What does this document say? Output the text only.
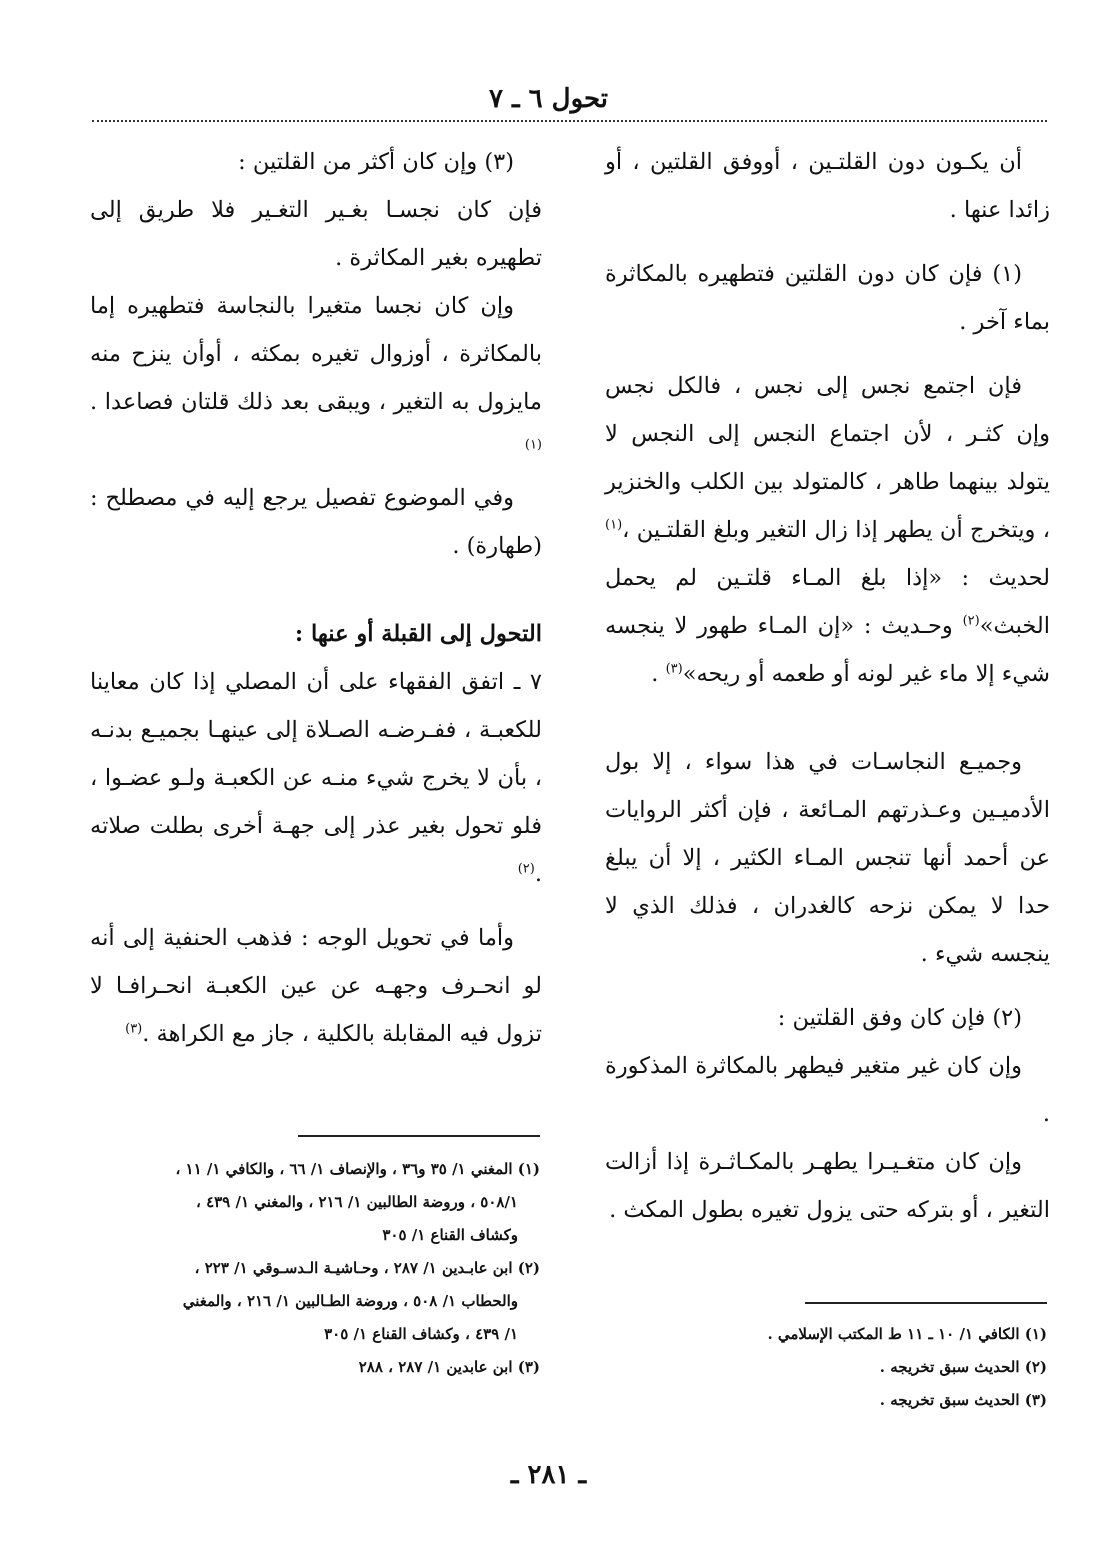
تحول ٦ ـ ٧

أن يكـون دون القلتـين ، أووفق القلتين ، أو زائدا عنها .

(١) فإن كان دون القلتين فتطهيره بالمكاثرة بماء آخر .

فإن اجتمع نجس إلى نجس ، فالكل نجس وإن كثـر ، لأن اجتماع النجس إلى النجس لا يتولد بينهما طاهر ، كالمتولد بين الكلب والخنزير ، ويتخرج أن يطهر إذا زال التغير وبلغ القلتـين ،$^{(١)}$ لحديث : «إذا بلغ المـاء قلتـين لم يحمل الخبث»$^{(٢)}$ وحـديث : «إن المـاء طهور لا ينجسه شيء إلا ماء غير لونه أو طعمه أو ريحه»$^{(٣)}$ .

وجميـع النجاسـات في هذا سواء ، إلا بول الأدميـين وعـذرتهم المـائعة ، فإن أكثر الروايات عن أحمد أنها تنجس المـاء الكثير ، إلا أن يبلغ حدا لا يمكن نزحه كالغدران ، فذلك الذي لا ينجسه شيء .

(٢) فإن كان وفق القلتين :

وإن كان غير متغير فيطهر بالمكاثرة المذكورة .

وإن كان متغـيـرا يطهـر بالمكـاثـرة إذا أزالت التغير ، أو بتركه حتى يزول تغيره بطول المكث .

(٣) وإن كان أكثر من القلتين :

فإن كان نجسـا بغـير التغـير فلا طريق إلى تطهيره بغير المكاثرة .

وإن كان نجسا متغيرا بالنجاسة فتطهيره إما بالمكاثرة ، أوزوال تغيره بمكثه ، أوأن ينزح منه مايزول به التغير ، ويبقى بعد ذلك قلتان فصاعدا .$^{(١)}$

وفي الموضوع تفصيل يرجع إليه في مصطلح : (طهارة) .

التحول إلى القبلة أو عنها :

٧ ـ اتفق الفقهاء على أن المصلي إذا كان معاينا للكعبـة ، ففـرضـه الصـلاة إلى عينهـا بجميـع بدنـه ، بأن لا يخرج شيء منـه عن الكعبـة ولـو عضـوا ، فلو تحول بغير عذر إلى جهـة أخرى بطلت صلاته .$^{(٢)}$

وأما في تحويل الوجه : فذهب الحنفية إلى أنه لو انحـرف وجهـه عن عين الكعبـة انحـرافـا لا تزول فيه المقابلة بالكلية ، جاز مع الكراهة .$^{(٣)}$

(١) الكافي ١/ ١٠ ـ ١١ ط المكتب الإسلامي .

(٢) الحديث سبق تخريجه .

(٣) الحديث سبق تخريجه .

(١) المغني ١/ ٣٥ و٣٦ ، والإنصاف ١/ ٦٦ ، والكافي ١/ ١١ ،

٥٠٨/١ ، وروضة الطالبين ١/ ٢١٦ ، والمغني ١/ ٤٣٩ ،

وكشاف القناع ١/ ٣٠٥

(٢) ابن عابـدين ١/ ٢٨٧ ، وحـاشيـة الـدسـوقي ١/ ٢٢٣ ،

والحطاب ١/ ٥٠٨ ، وروضة الطـالبين ١/ ٢١٦ ، والمغني

١/ ٤٣٩ ، وكشاف القناع ١/ ٣٠٥

(٣) ابن عابدين ١/ ٢٨٧ ، ٢٨٨

ـ ٢٨١ ـ
